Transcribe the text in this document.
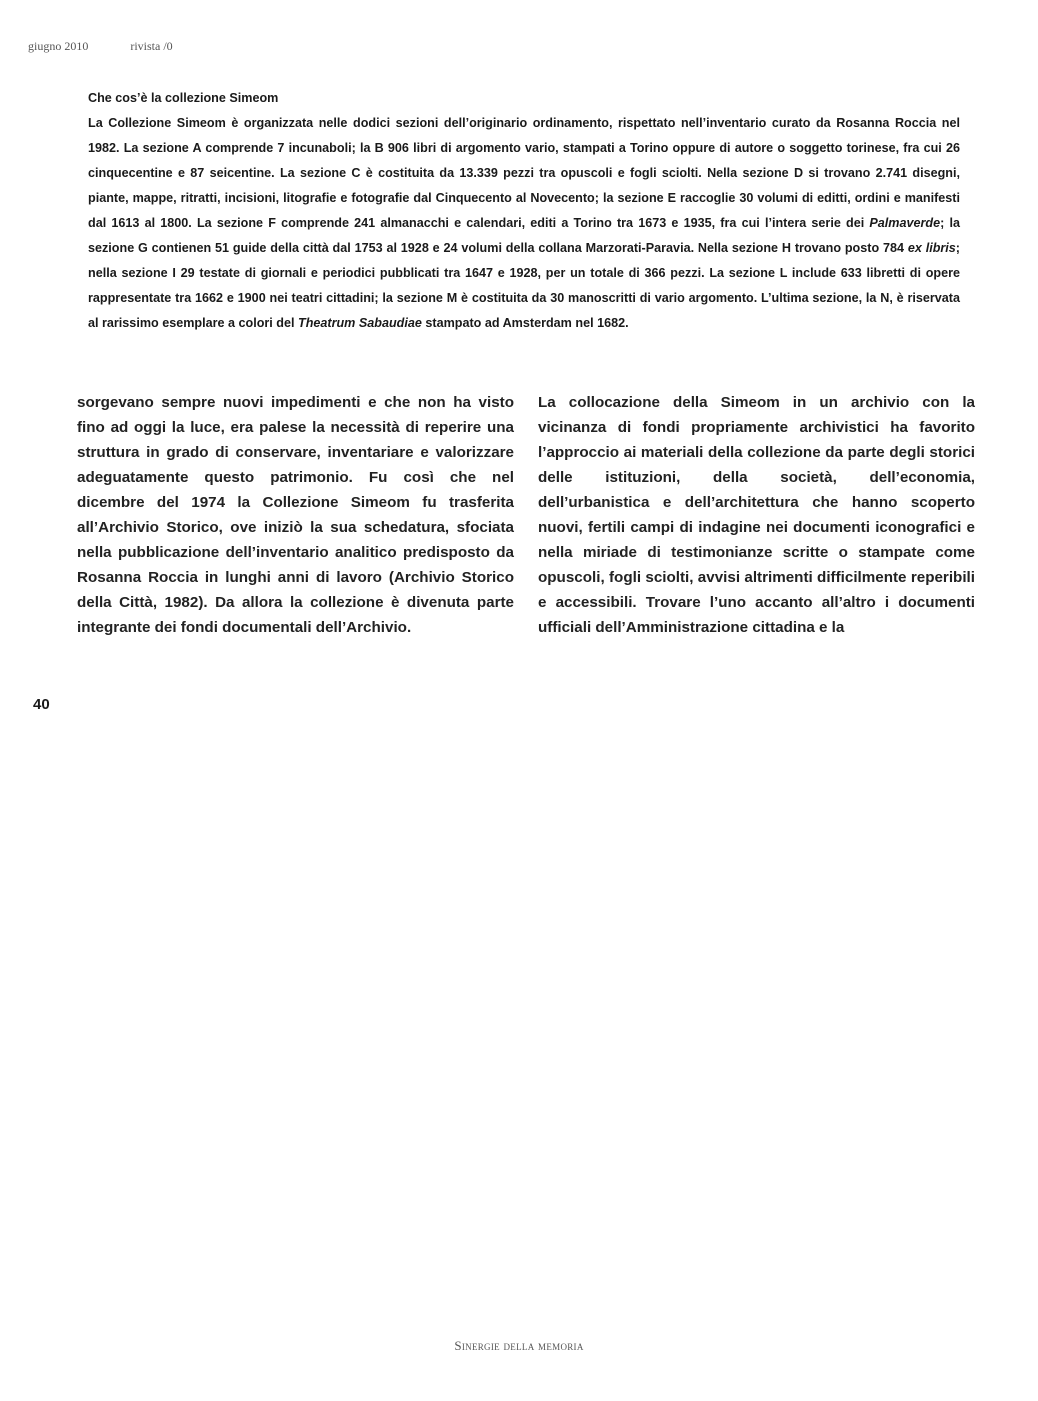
giugno 2010	rivista /0
Che cos’è la collezione Simeom
La Collezione Simeom è organizzata nelle dodici sezioni dell’originario ordinamento, rispettato nell’inventario curato da Rosanna Roccia nel 1982. La sezione A comprende 7 incunaboli; la B 906 libri di argomento vario, stampati a Torino oppure di autore o soggetto torinese, fra cui 26 cinquecentine e 87 seicentine. La sezione C è costituita da 13.339 pezzi tra opuscoli e fogli sciolti. Nella sezione D si trovano 2.741 disegni, piante, mappe, ritratti, incisioni, litografie e fotografie dal Cinquecento al Novecento; la sezione E raccoglie 30 volumi di editti, ordini e manifesti dal 1613 al 1800. La sezione F comprende 241 almanacchi e calendari, editi a Torino tra 1673 e 1935, fra cui l’intera serie dei Palmaverde; la sezione G contienen 51 guide della città dal 1753 al 1928 e 24 volumi della collana Marzorati-Paravia. Nella sezione H trovano posto 784 ex libris; nella sezione I 29 testate di giornali e periodici pubblicati tra 1647 e 1928, per un totale di 366 pezzi. La sezione L include 633 libretti di opere rappresentate tra 1662 e 1900 nei teatri cittadini; la sezione M è costituita da 30 manoscritti di vario argomento. L’ultima sezione, la N, è riservata al rarissimo esemplare a colori del Theatrum Sabaudiae stampato ad Amsterdam nel 1682.
sorgevano sempre nuovi impedimenti e che non ha visto fino ad oggi la luce, era palese la necessità di reperire una struttura in grado di conservare, inventariare e valorizzare adeguatamente questo patrimonio. Fu così che nel dicembre del 1974 la Collezione Simeom fu trasferita all’Archivio Storico, ove iniziò la sua schedatura, sfociata nella pubblicazione dell’inventario analitico predisposto da Rosanna Roccia in lunghi anni di lavoro (Archivio Storico della Città, 1982). Da allora la collezione è divenuta parte integrante dei fondi documentali dell’Archivio.
La collocazione della Simeom in un archivio con la vicinanza di fondi propriamente archivistici ha favorito l’approccio ai materiali della collezione da parte degli storici delle istituzioni, della società, dell’economia, dell’urbanistica e dell’architettura che hanno scoperto nuovi, fertili campi di indagine nei documenti iconografici e nella miriade di testimonianze scritte o stampate come opuscoli, fogli sciolti, avvisi altrimenti difficilmente reperibili e accessibili. Trovare l’uno accanto all’altro i documenti ufficiali dell’Amministrazione cittadina e la
40
Sinergie della memoria
